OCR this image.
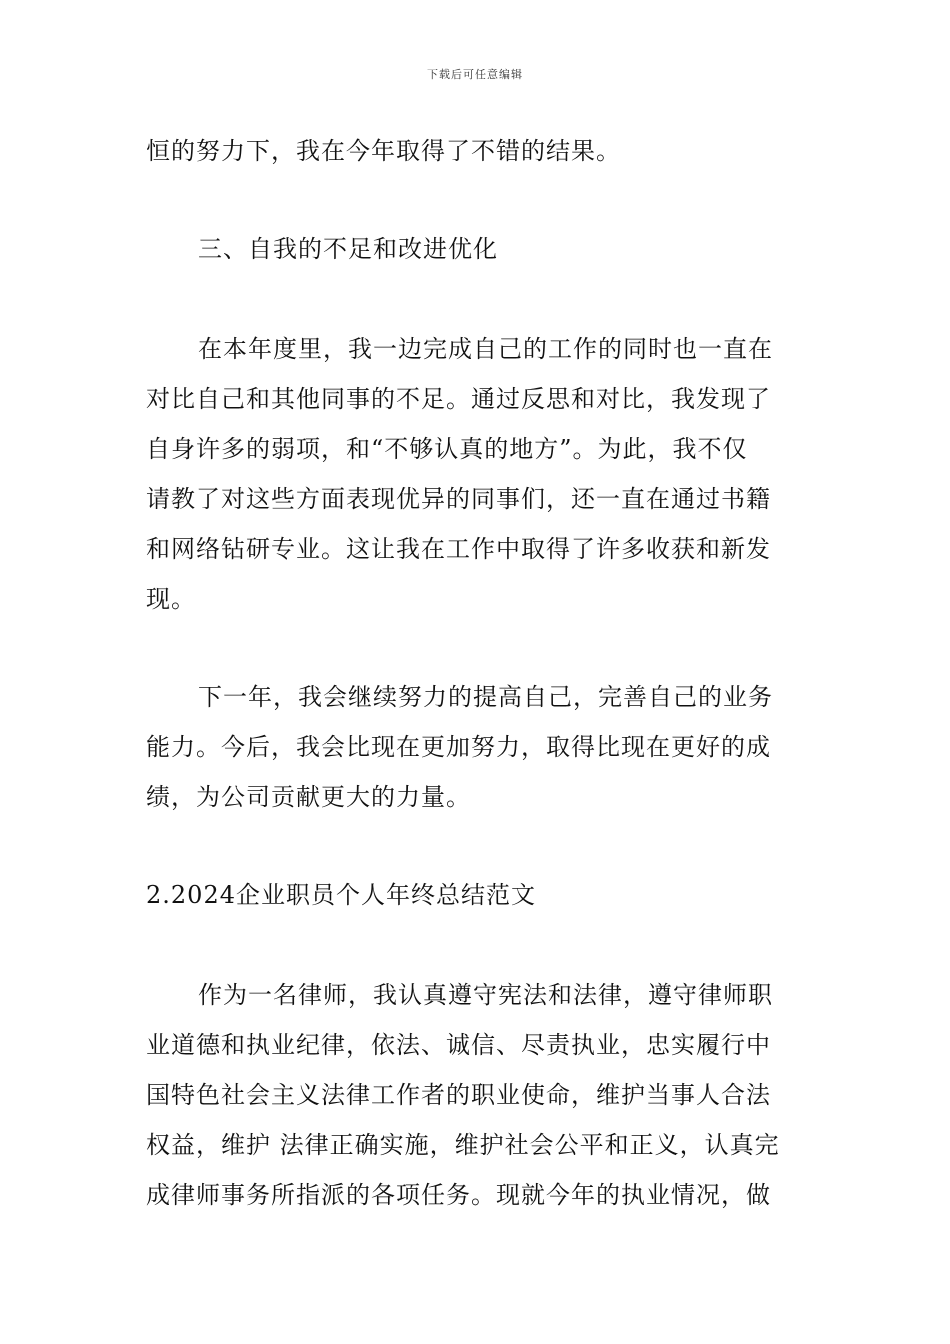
下载后可任意编辑

恒的努力下，我在今年取得了不错的结果。

三、自我的不足和改进优化

在本年度里，我一边完成自己的工作的同时也一直在
对比自己和其他同事的不足。通过反思和对比，我发现了
自身许多的弱项，和“不够认真的地方”。为此，我不仅
请教了对这些方面表现优异的同事们，还一直在通过书籍
和网络钻研专业。这让我在工作中取得了许多收获和新发
现。
下一年，我会继续努力的提高自己，完善自己的业务
能力。今后，我会比现在更加努力，取得比现在更好的成
绩，为公司贡献更大的力量。

2.2024企业职员个人年终总结范文

作为一名律师，我认真遵守宪法和法律，遵守律师职
业道德和执业纪律，依法、诚信、尽责执业，忠实履行中
国特色社会主义法律工作者的职业使命，维护当事人合法
权益，维护 法律正确实施，维护社会公平和正义，认真完
成律师事务所指派的各项任务。现就今年的执业情况，做
